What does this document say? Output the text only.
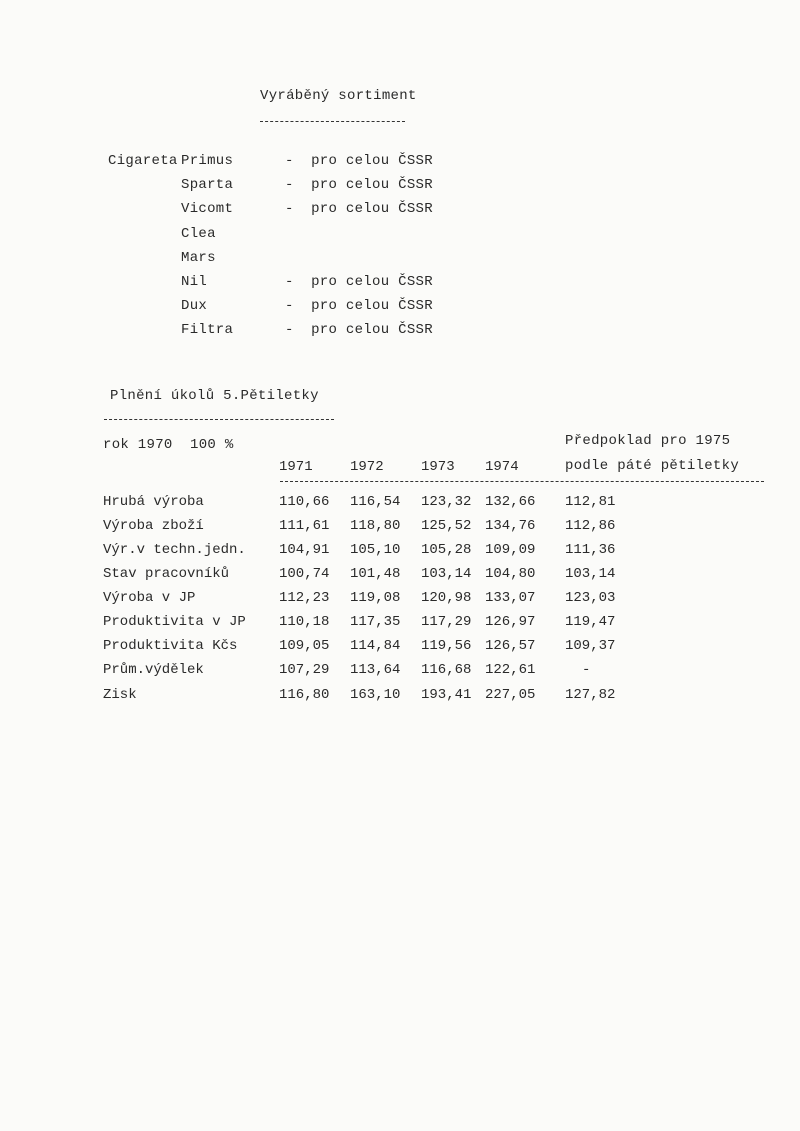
Vyráběný sortiment
Cigareta Primus	-  pro celou ČSSR
Sparta	-  pro celou ČSSR
Vicomt	-  pro celou ČSSR
Clea
Mars
Nil	-  pro celou ČSSR
Dux	-  pro celou ČSSR
Filtra	-  pro celou ČSSR
Plnění úkolů 5.Pětiletky
rok 1970  100 %	Předpoklad pro 1975
1971	1972	1973 1974	podle páté pětiletky
Hrubá výroba	110,66 116,54 123,32 132,66 112,81
Výroba zboží	111,61 118,80 125,52 134,76 112,86
Výr.v techn.jedn. 104,91 105,10 105,28 109,09 111,36
Stav pracovníků	100,74 101,48 103,14 104,80 103,14
Výroba v JP	112,23 119,08 120,98 133,07 123,03
Produktivita v JP 110,18 117,35 117,29 126,97 119,47
Produktivita Kčs	109,05 114,84 119,56 126,57 109,37
Prům.výdělek	107,29 113,64 116,68 122,61	-
Zisk	116,80 163,10 193,41 227,05 127,82
